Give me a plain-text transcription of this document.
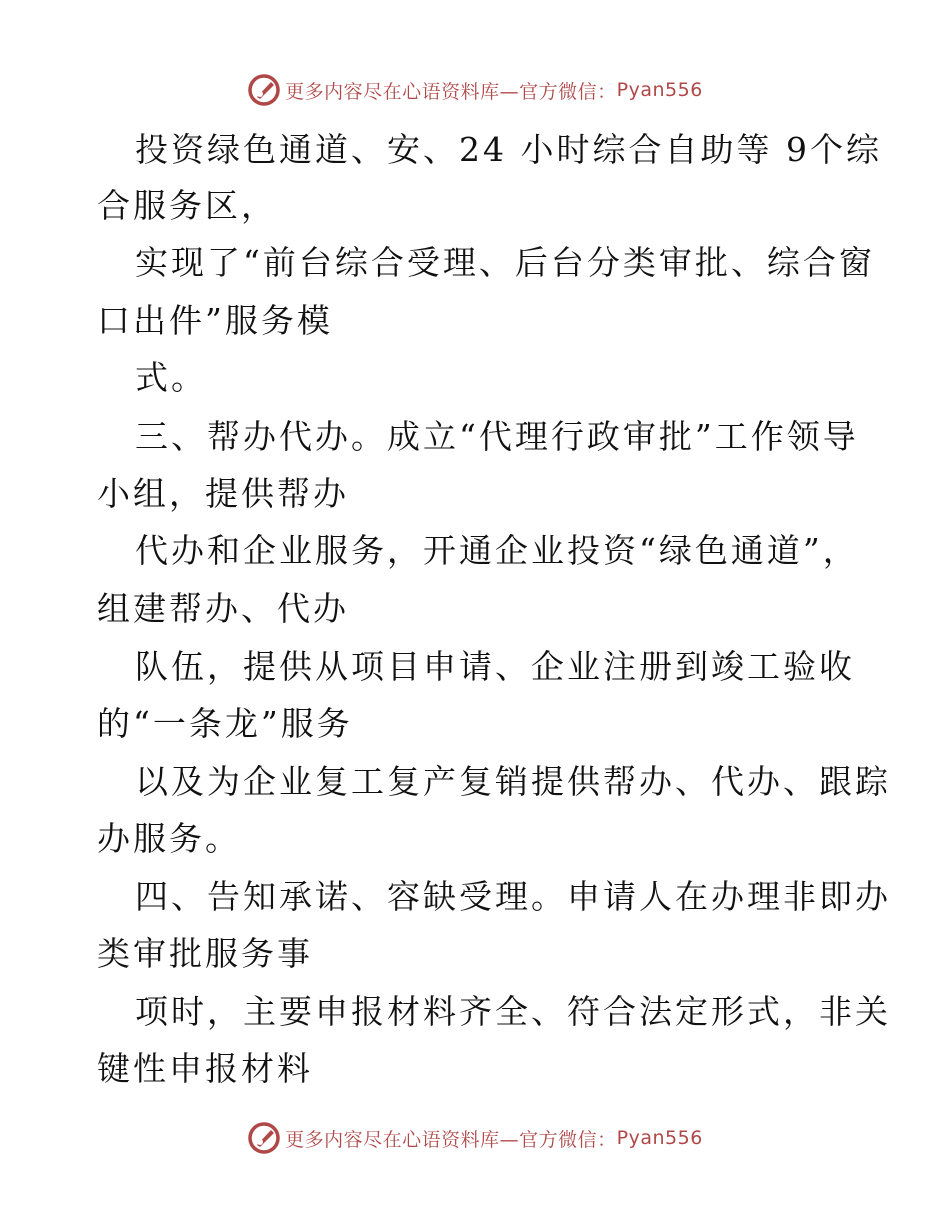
更多内容尽在心语资料库—官方微信： Pyan556
投资绿色通道、安、24 小时综合自助等 9个综
合服务区，
实现了“前台综合受理、后台分类审批、综合窗
口出件”服务模
式。
三、帮办代办。成立“代理行政审批”工作领导
小组，提供帮办
代办和企业服务，开通企业投资“绿色通道”，
组建帮办、代办
队伍，提供从项目申请、企业注册到竣工验收
的“一条龙”服务
以及为企业复工复产复销提供帮办、代办、跟踪
办服务。
四、告知承诺、容缺受理。申请人在办理非即办
类审批服务事
项时，主要申报材料齐全、符合法定形式，非关
键性申报材料
更多内容尽在心语资料库—官方微信： Pyan556
